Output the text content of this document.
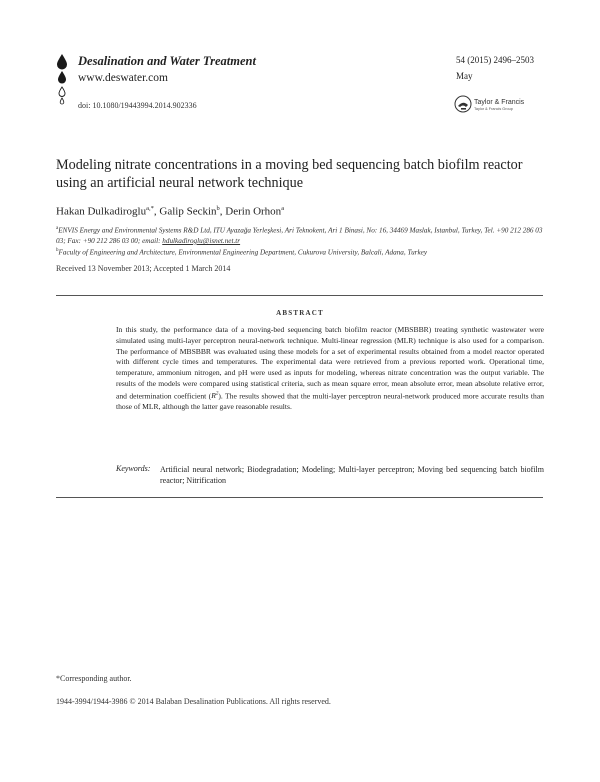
Desalination and Water Treatment
www.deswater.com
doi: 10.1080/19443994.2014.902336
54 (2015) 2496–2503
May
Taylor & Francis
Taylor & Francis Group
Modeling nitrate concentrations in a moving bed sequencing batch biofilm reactor using an artificial neural network technique
Hakan Dulkadiroglu$^{a,*}$, Galip Seckin$^b$, Derin Orhon$^a$
$^a$ENVIS Energy and Environmental Systems R&D Ltd, ITU Ayazağa Yerleşkesi, Ari Teknokent, Ari 1 Binasi, No: 16, 34469 Maslak, Istanbul, Turkey, Tel. +90 212 286 03 03; Fax: +90 212 286 03 00; email: hdulkadiroglu@isnet.net.tr
$^b$Faculty of Engineering and Architecture, Environmental Engineering Department, Cukurova University, Balcali, Adana, Turkey
Received 13 November 2013; Accepted 1 March 2014
ABSTRACT
In this study, the performance data of a moving-bed sequencing batch biofilm reactor (MBSBBR) treating synthetic wastewater were simulated using multi-layer perceptron neural-network technique. Multi-linear regression (MLR) technique is also used for a comparison. The performance of MBSBBR was evaluated using these models for a set of experimental results obtained from a model reactor operated with different cycle times and temperatures. The experimental data were retrieved from a previous reported work. Operational time, temperature, ammonium nitrogen, and pH were used as inputs for modeling, whereas nitrate concentration was the output variable. The results of the models were compared using statistical criteria, such as mean square error, mean absolute error, mean absolute relative error, and determination coefficient $(R^2)$. The results showed that the multi-layer perceptron neural-network produced more accurate results than those of MLR, although the latter gave reasonable results.
Keywords: Artificial neural network; Biodegradation; Modeling; Multi-layer perceptron; Moving bed sequencing batch biofilm reactor; Nitrification
*Corresponding author.
1944-3994/1944-3986 © 2014 Balaban Desalination Publications. All rights reserved.
